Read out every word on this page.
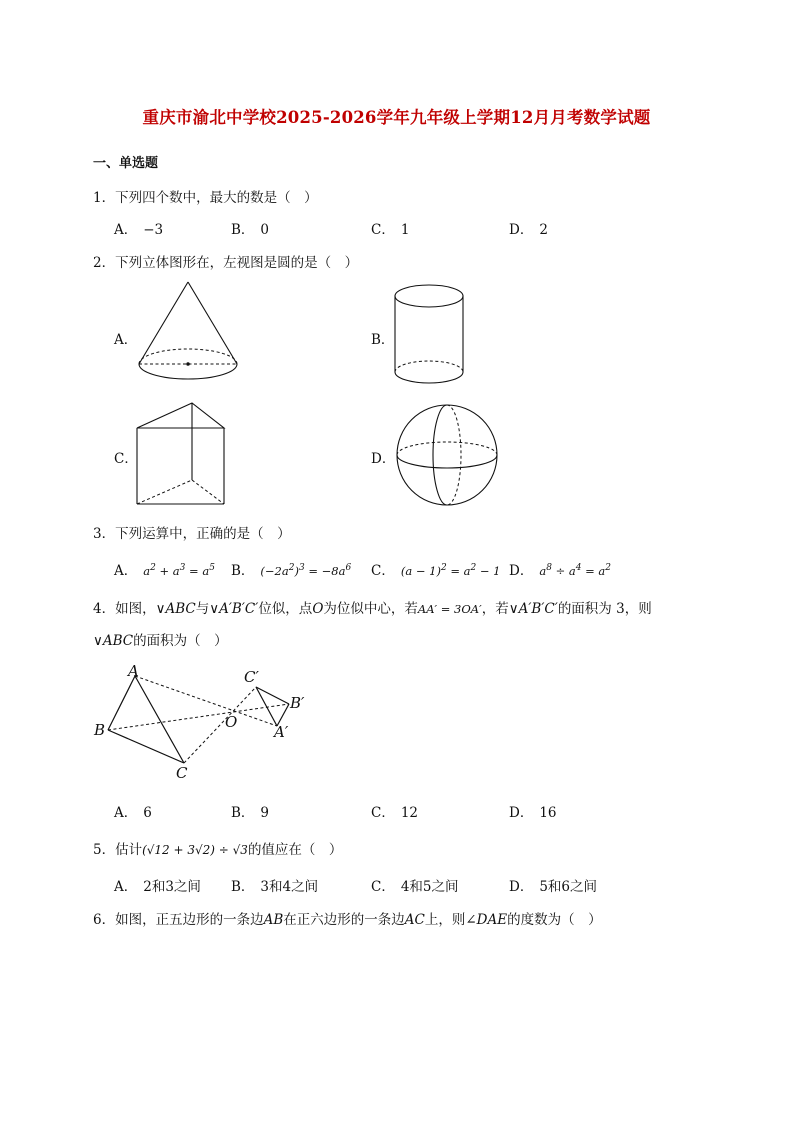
重庆市渝北中学校2025-2026学年九年级上学期12月月考数学试题
一、单选题
1．下列四个数中，最大的数是（　）
A． −3	B． 0	C． 1	D． 2
2．下列立体图形在，左视图是圆的是（　）
A．	B．
C．	D．
3．下列运算中，正确的是（　）
A． $a^2 + a^3 = a^5$ B． $(-2a^2)^3 = -8a^6$ C． $(a - 1)^2 = a^2 - 1$ D． $a^8 \div a^4 = a^2$
4．如图，∨ABC与∨A′B′C′位似，点O为位似中心，若AA′ = 3OA′，若∨A′B′C′的面积为 3，则
∨ABC的面积为（　）
A
B
C
O
C′
B′
A′
A． 6	B． 9	C． 12	D． 16
5．估计(√12 + 3√2) ÷ √3的值应在（　）
A． 2和3之间 B． 3和4之间	C． 4和5之间	D． 5和6之间
6．如图，正五边形的一条边AB在正六边形的一条边AC上，则∠DAE的度数为（　）
